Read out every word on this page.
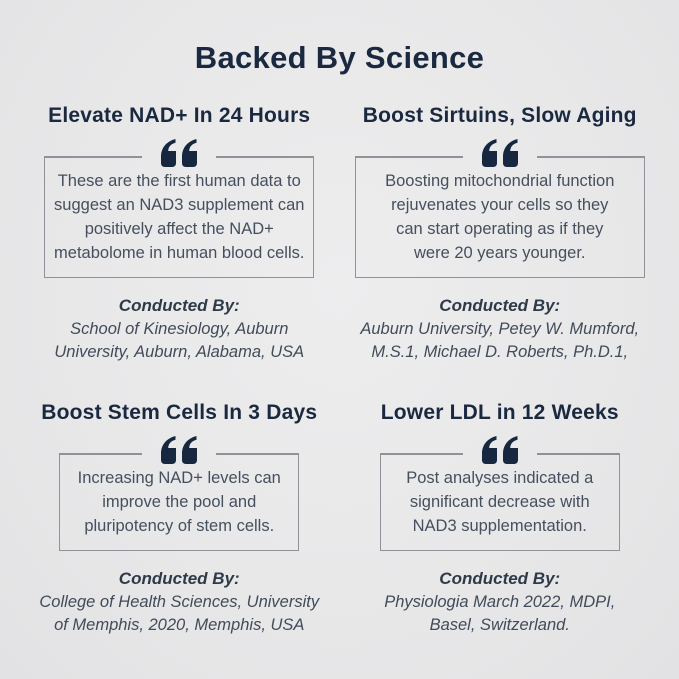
Backed By Science
Elevate NAD+ In 24 Hours
These are the first human data to
suggest an NAD3 supplement can
positively affect the NAD+
metabolome in human blood cells.
Conducted By:
School of Kinesiology, Auburn
University, Auburn, Alabama, USA
Boost Sirtuins, Slow Aging
Boosting mitochondrial function
rejuvenates your cells so they
can start operating as if they
were 20 years younger.
Conducted By:
Auburn University, Petey W. Mumford,
M.S.1, Michael D. Roberts, Ph.D.1,
Boost Stem Cells In 3 Days
Increasing NAD+ levels can
improve the pool and
pluripotency of stem cells.
Conducted By:
College of Health Sciences, University
of Memphis, 2020, Memphis, USA
Lower LDL in 12 Weeks
Post analyses indicated a
significant decrease with
NAD3 supplementation.
Conducted By:
Physiologia March 2022, MDPI,
Basel, Switzerland.
